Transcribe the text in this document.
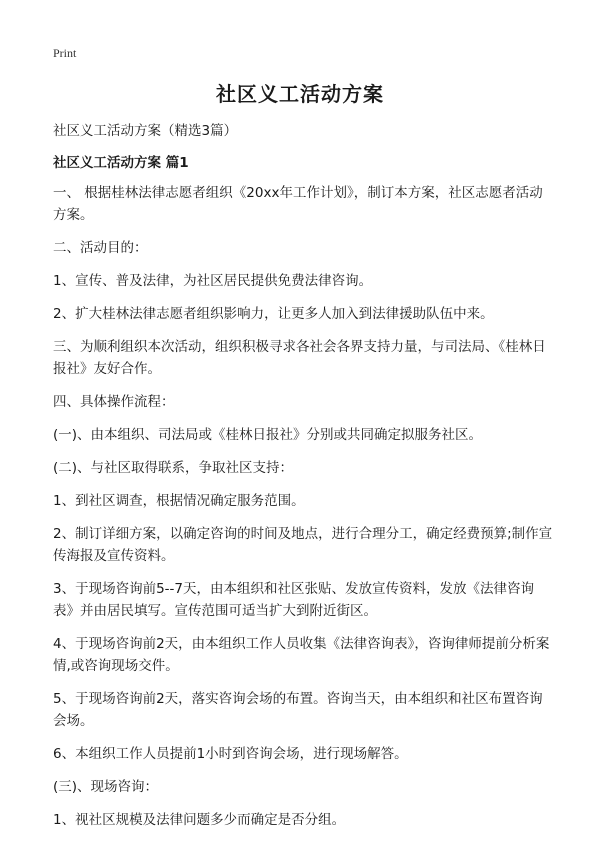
Print
社区义工活动方案

社区义工活动方案（精选3篇）

社区义工活动方案 篇1

一、 根据桂林法律志愿者组织《20xx年工作计划》，制订本方案，社区志愿者活动方案。

二、活动目的：

1、宣传、普及法律，为社区居民提供免费法律咨询。

2、扩大桂林法律志愿者组织影响力，让更多人加入到法律援助队伍中来。

三、为顺利组织本次活动，组织积极寻求各社会各界支持力量，与司法局、《桂林日报社》友好合作。

四、具体操作流程：

(一)、由本组织、司法局或《桂林日报社》分别或共同确定拟服务社区。

(二)、与社区取得联系，争取社区支持：

1、到社区调查，根据情况确定服务范围。

2、制订详细方案，以确定咨询的时间及地点，进行合理分工，确定经费预算;制作宣传海报及宣传资料。

3、于现场咨询前5--7天，由本组织和社区张贴、发放宣传资料，发放《法律咨询表》并由居民填写。宣传范围可适当扩大到附近街区。

4、于现场咨询前2天，由本组织工作人员收集《法律咨询表》，咨询律师提前分析案情,或咨询现场交件。

5、于现场咨询前2天，落实咨询会场的布置。咨询当天，由本组织和社区布置咨询会场。

6、本组织工作人员提前1小时到咨询会场，进行现场解答。

(三)、现场咨询：

1、视社区规模及法律问题多少而确定是否分组。
